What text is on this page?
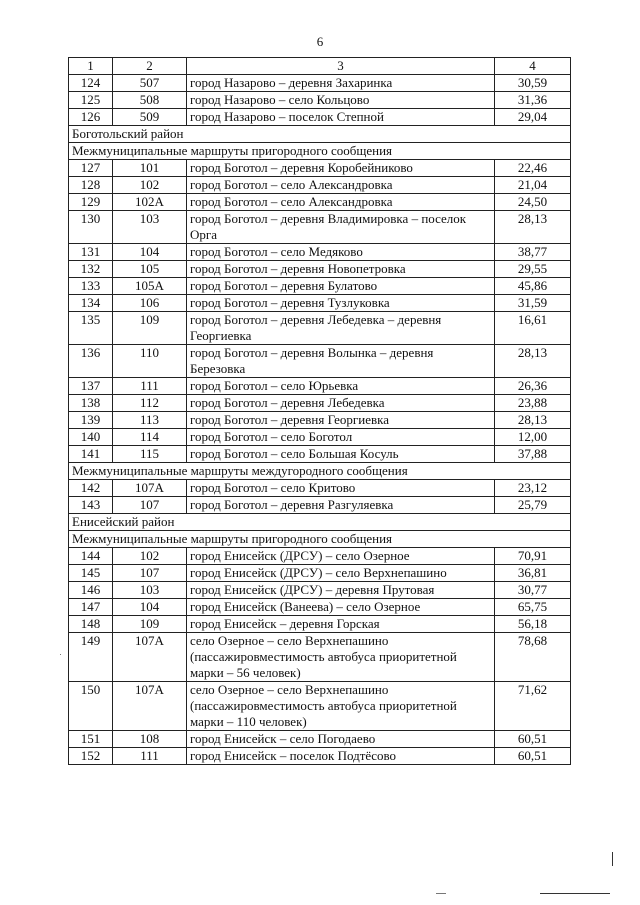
6
1	2	3	4
124	507	город Назарово – деревня Захаринка	30,59
125	508	город Назарово – село Кольцово	31,36
126	509	город Назарово – поселок Степной	29,04
Боготольский район			
Межмуниципальные маршруты пригородного сообщения			
127	101	город Боготол – деревня Коробейниково	22,46
128	102	город Боготол – село Александровка	21,04
129	102А	город Боготол – село Александровка	24,50
130	103	город Боготол – деревня Владимировка – поселок Орга	28,13
131	104	город Боготол – село Медяково	38,77
132	105	город Боготол – деревня Новопетровка	29,55
133	105А	город Боготол – деревня Булатово	45,86
134	106	город Боготол – деревня Тузлуковка	31,59
135	109	город Боготол – деревня Лебедевка – деревня Георгиевка	16,61
136	110	город Боготол – деревня Волынка – деревня Березовка	28,13
137	111	город Боготол – село Юрьевка	26,36
138	112	город Боготол – деревня Лебедевка	23,88
139	113	город Боготол – деревня Георгиевка	28,13
140	114	город Боготол – село Боготол	12,00
141	115	город Боготол – село Большая Косуль	37,88
Межмуниципальные маршруты междугородного сообщения			
142	107А	город Боготол – село Критово	23,12
143	107	город Боготол – деревня Разгуляевка	25,79
Енисейский район			
Межмуниципальные маршруты пригородного сообщения			
144	102	город Енисейск (ДРСУ) – село Озерное	70,91
145	107	город Енисейск (ДРСУ) – село Верхнепашино	36,81
146	103	город Енисейск (ДРСУ) – деревня Прутовая	30,77
147	104	город Енисейск (Ванеева) – село Озерное	65,75
148	109	город Енисейск – деревня Горская	56,18
149	107А	село Озерное – село Верхнепашино (пассажировместимость автобуса приоритетной марки – 56 человек)	78,68
150	107А	село Озерное – село Верхнепашино (пассажировместимость автобуса приоритетной марки – 110 человек)	71,62
151	108	город Енисейск – село Погодаево	60,51
152	111	город Енисейск – поселок Подтёсово	60,51
